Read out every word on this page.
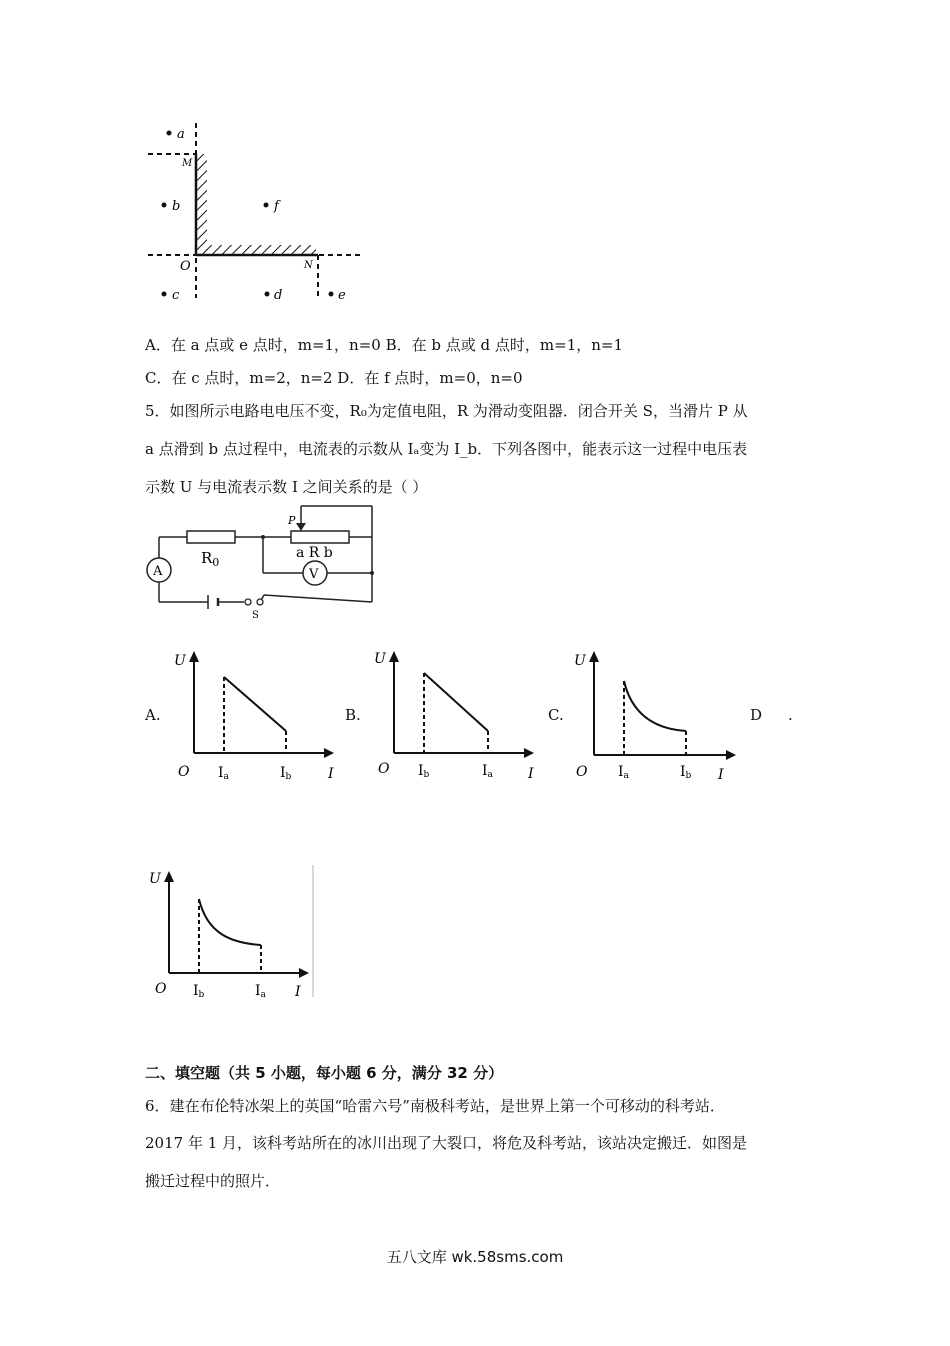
a
b
c	d	e
f
M
O	N
A．在 a 点或 e 点时，m=1，n=0 B．在 b 点或 d 点时，m=1，n=1
C．在 c 点时，m=2，n=2 D．在 f 点时，m=0，n=0
5．如图所示电路电电压不变，R₀为定值电阻，R 为滑动变阻器．闭合开关 S，当滑片 P 从
a 点滑到 b 点过程中，电流表的示数从 Iₐ变为 I_b．下列各图中，能表示这一过程中电压表
示数 U 与电流表示数 I 之间关系的是（ ）
A	V
$R_0$
P
a R b
S
A.	B.	C.	D .
U
I
O Ia	Ib
U
I
O Ib	Ia
U
I
O Ia	Ib
U
I
O Ib	Ia
二、填空题（共 5 小题，每小题 6 分，满分 32 分）
6．建在布伦特冰架上的英国“哈雷六号”南极科考站，是世界上第一个可移动的科考站．
2017 年 1 月，该科考站所在的冰川出现了大裂口，将危及科考站，该站决定搬迁．如图是
搬迁过程中的照片．
五八文库 wk.58sms.com
